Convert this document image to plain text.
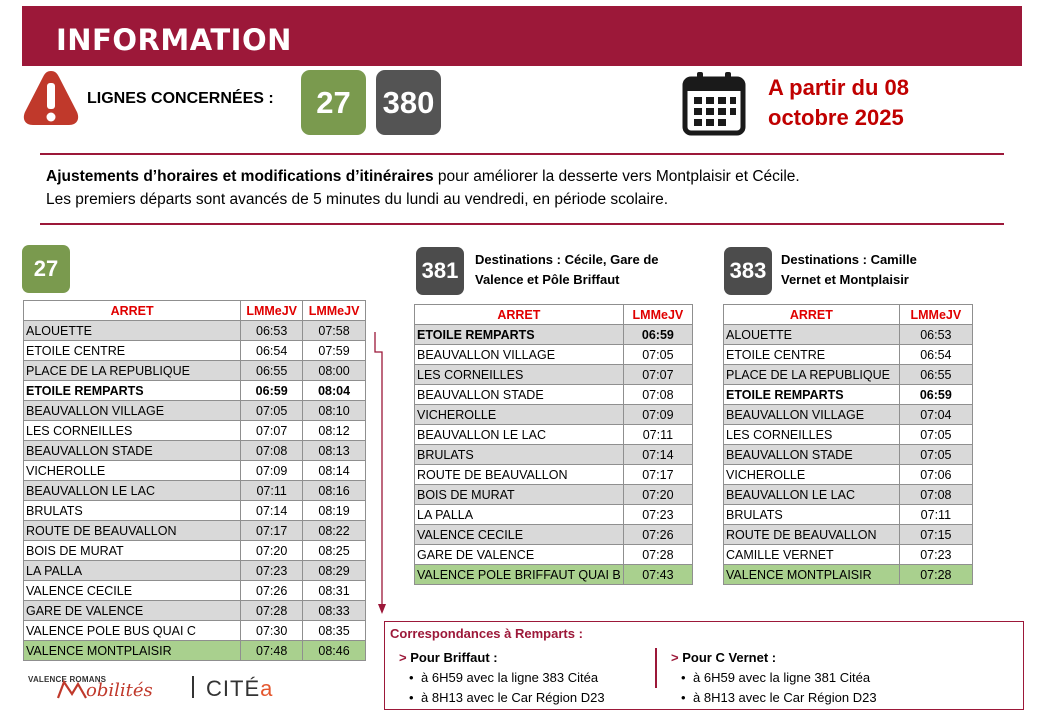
INFORMATION
LIGNES CONCERNÉES :	27	380	A partir du 08
octobre 2025
Ajustements d’horaires et modifications d’itinéraires pour améliorer la desserte vers Montplaisir et Cécile.
Les premiers départs sont avancés de 5 minutes du lundi au vendredi, en période scolaire.
27
ARRET	LMMeJV	LMMeJV
ALOUETTE	06:53	07:58
ETOILE CENTRE	06:54	07:59
PLACE DE LA REPUBLIQUE	06:55	08:00
ETOILE REMPARTS	06:59	08:04
BEAUVALLON VILLAGE	07:05	08:10
LES CORNEILLES	07:07	08:12
BEAUVALLON STADE	07:08	08:13
VICHEROLLE	07:09	08:14
BEAUVALLON LE LAC	07:11	08:16
BRULATS	07:14	08:19
ROUTE DE BEAUVALLON	07:17	08:22
BOIS DE MURAT	07:20	08:25
LA PALLA	07:23	08:29
VALENCE CECILE	07:26	08:31
GARE DE VALENCE	07:28	08:33
VALENCE POLE BUS QUAI C	07:30	08:35
VALENCE MONTPLAISIR	07:48	08:46
381	Destinations : Cécile, Gare de
Valence et Pôle Briffaut
ARRET	LMMeJV
ETOILE REMPARTS	06:59
BEAUVALLON VILLAGE	07:05
LES CORNEILLES	07:07
BEAUVALLON STADE	07:08
VICHEROLLE	07:09
BEAUVALLON LE LAC	07:11
BRULATS	07:14
ROUTE DE BEAUVALLON	07:17
BOIS DE MURAT	07:20
LA PALLA	07:23
VALENCE CECILE	07:26
GARE DE VALENCE	07:28
VALENCE POLE BRIFFAUT QUAI B	07:43
383	Destinations : Camille
Vernet et Montplaisir
ARRET	LMMeJV
ALOUETTE	06:53
ETOILE CENTRE	06:54
PLACE DE LA REPUBLIQUE	06:55
ETOILE REMPARTS	06:59
BEAUVALLON VILLAGE	07:04
LES CORNEILLES	07:05
BEAUVALLON STADE	07:05
VICHEROLLE	07:06
BEAUVALLON LE LAC	07:08
BRULATS	07:11
ROUTE DE BEAUVALLON	07:15
CAMILLE VERNET	07:23
VALENCE MONTPLAISIR	07:28
Correspondances à Remparts :
> Pour Briffaut :
• à 6H59 avec la ligne 383 Citéa
• à 8H13 avec le Car Région D23
> Pour C Vernet :
• à 6H59 avec la ligne 381 Citéa
• à 8H13 avec le Car Région D23
VALENCE ROMANS
obilités CITÉa
